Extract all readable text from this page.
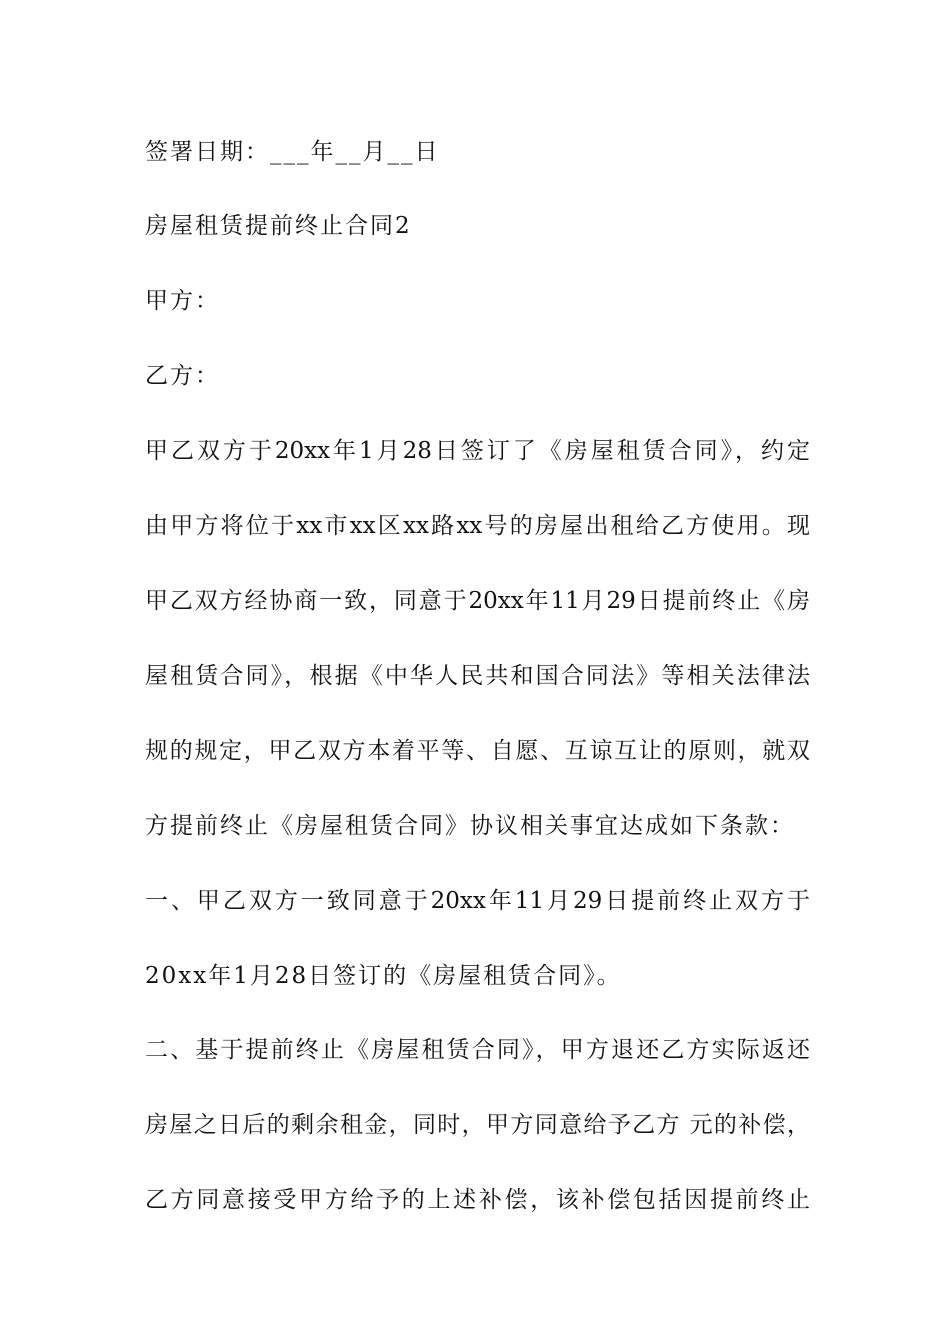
签署日期：___年__月__日
房屋租赁提前终止合同2
甲方：
乙方：
甲乙双方于20xx年1月28日签订了《房屋租赁合同》，约定
由甲方将位于xx市xx区xx路xx号的房屋出租给乙方使用。现
甲乙双方经协商一致，同意于20xx年11月29日提前终止《房
屋租赁合同》，根据《中华人民共和国合同法》等相关法律法
规的规定，甲乙双方本着平等、自愿、互谅互让的原则，就双
方提前终止《房屋租赁合同》协议相关事宜达成如下条款：
一、甲乙双方一致同意于20xx年11月29日提前终止双方于
20xx年1月28日签订的《房屋租赁合同》。
二、基于提前终止《房屋租赁合同》，甲方退还乙方实际返还
房屋之日后的剩余租金，同时，甲方同意给予乙方 元的补偿，
乙方同意接受甲方给予的上述补偿，该补偿包括因提前终止
